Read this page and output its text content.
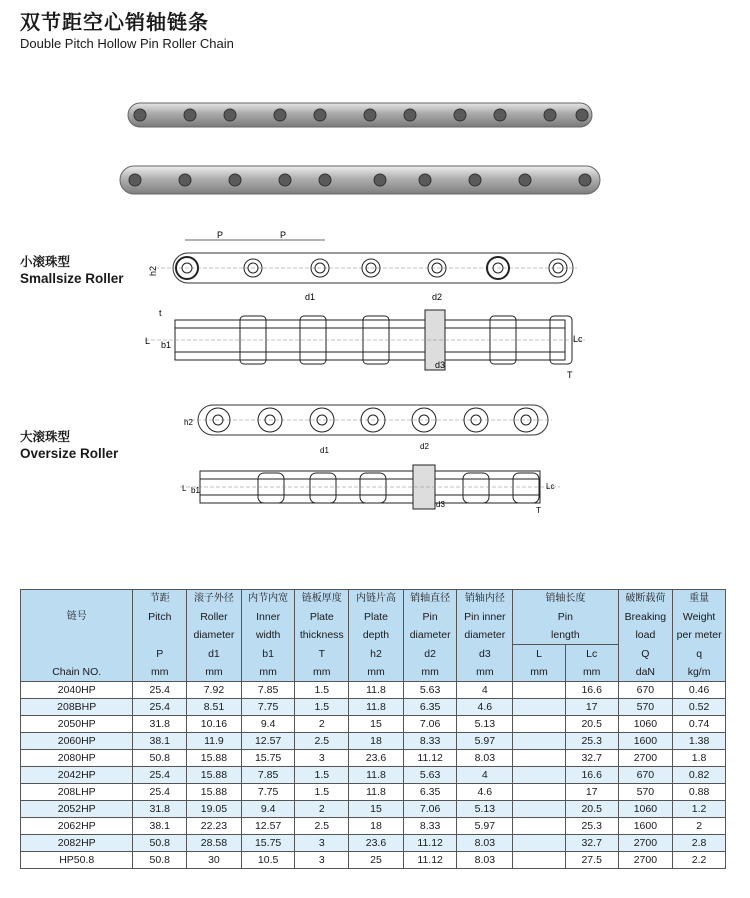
双节距空心销轴链条
Double Pitch Hollow Pin Roller Chain
小滚珠型
Smallsize Roller
P	P
h2
d1	d2
d3
L b1
t
Lc
T
大滚珠型
Oversize Roller
h2
d1	d2
d3
L b1	Lc
T
链号	节距	滚子外径	内节内宽	链板厚度	内链片高	销轴直径	销轴内径	销轴长度		破断载荷	重量
	Pitch	Roller	Inner	Plate	Plate	Pin	Pin inner	Pin		Breaking	Weight
		diameter	width	thickness	depth	diameter	diameter	length		load	per meter
Chain NO.	P	d1	b1	T	h2	d2	d3	L	Lc	Q	q
	mm	mm	mm	mm	mm	mm	mm	mm	mm	daN	kg/m
2040HP	25.4	7.92	7.85	1.5	11.8	5.63	4		16.6	670	0.46
208BHP	25.4	8.51	7.75	1.5	11.8	6.35	4.6		17	570	0.52
2050HP	31.8	10.16	9.4	2	15	7.06	5.13		20.5	1060	0.74
2060HP	38.1	11.9	12.57	2.5	18	8.33	5.97		25.3	1600	1.38
2080HP	50.8	15.88	15.75	3	23.6	11.12	8.03		32.7	2700	1.8
2042HP	25.4	15.88	7.85	1.5	11.8	5.63	4		16.6	670	0.82
208LHP	25.4	15.88	7.75	1.5	11.8	6.35	4.6		17	570	0.88
2052HP	31.8	19.05	9.4	2	15	7.06	5.13		20.5	1060	1.2
2062HP	38.1	22.23	12.57	2.5	18	8.33	5.97		25.3	1600	2
2082HP	50.8	28.58	15.75	3	23.6	11.12	8.03		32.7	2700	2.8
HP50.8	50.8	30	10.5	3	25	11.12	8.03		27.5	2700	2.2
